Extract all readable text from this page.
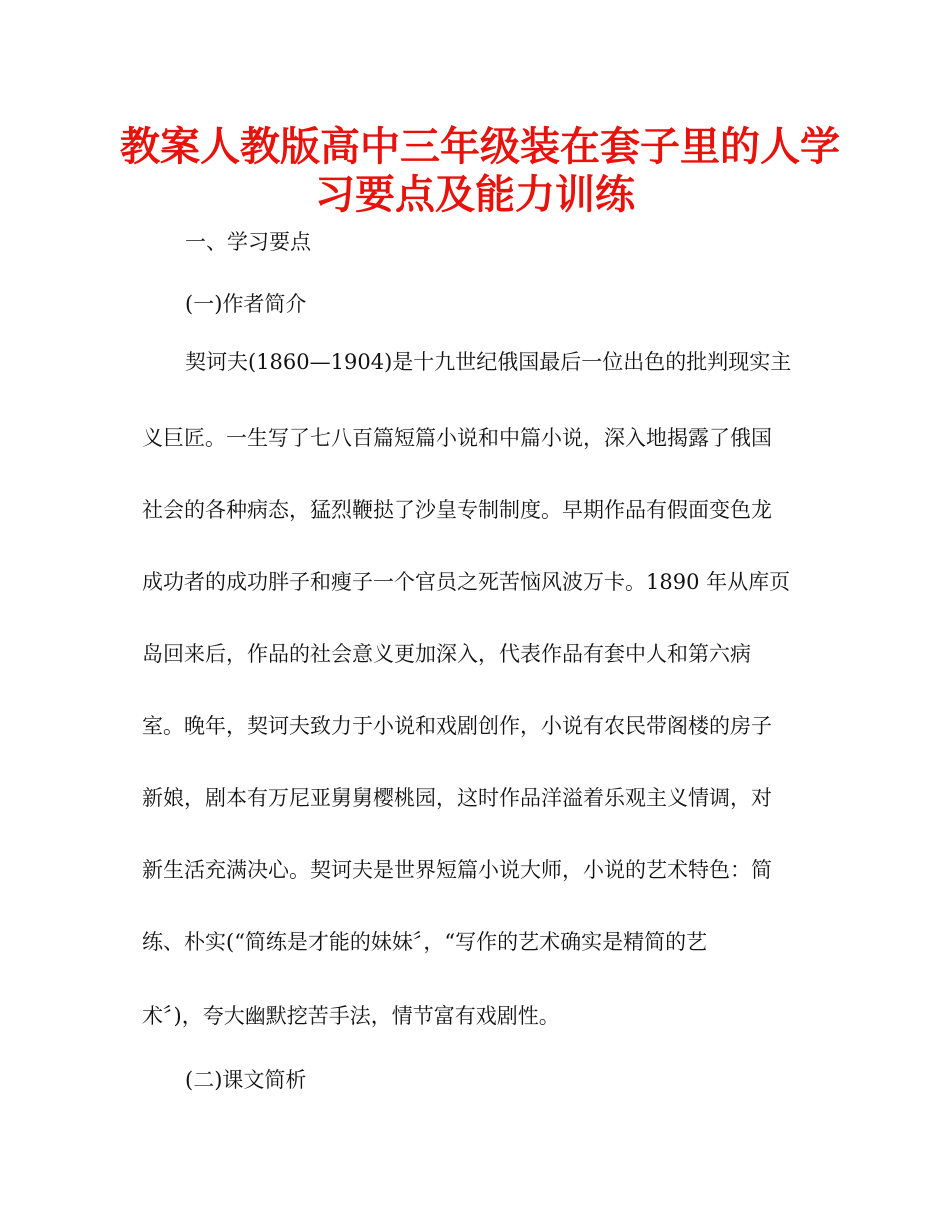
教案人教版高中三年级装在套子里的人学
习要点及能力训练
一、学习要点
(一)作者简介
契诃夫(1860—1904)是十九世纪俄国最后一位出色的批判现实主
义巨匠。一生写了七八百篇短篇小说和中篇小说，深入地揭露了俄国
社会的各种病态，猛烈鞭挞了沙皇专制制度。早期作品有假面变色龙
成功者的成功胖子和瘦子一个官员之死苦恼风波万卡。1890 年从库页
岛回来后，作品的社会意义更加深入，代表作品有套中人和第六病
室。晚年，契诃夫致力于小说和戏剧创作，小说有农民带阁楼的房子
新娘，剧本有万尼亚舅舅樱桃园，这时作品洋溢着乐观主义情调，对
新生活充满决心。契诃夫是世界短篇小说大师，小说的艺术特色：简
练、朴实(“简练是才能的妹妹〞，“写作的艺术确实是精简的艺
术〞)，夸大幽默挖苦手法，情节富有戏剧性。
(二)课文简析
